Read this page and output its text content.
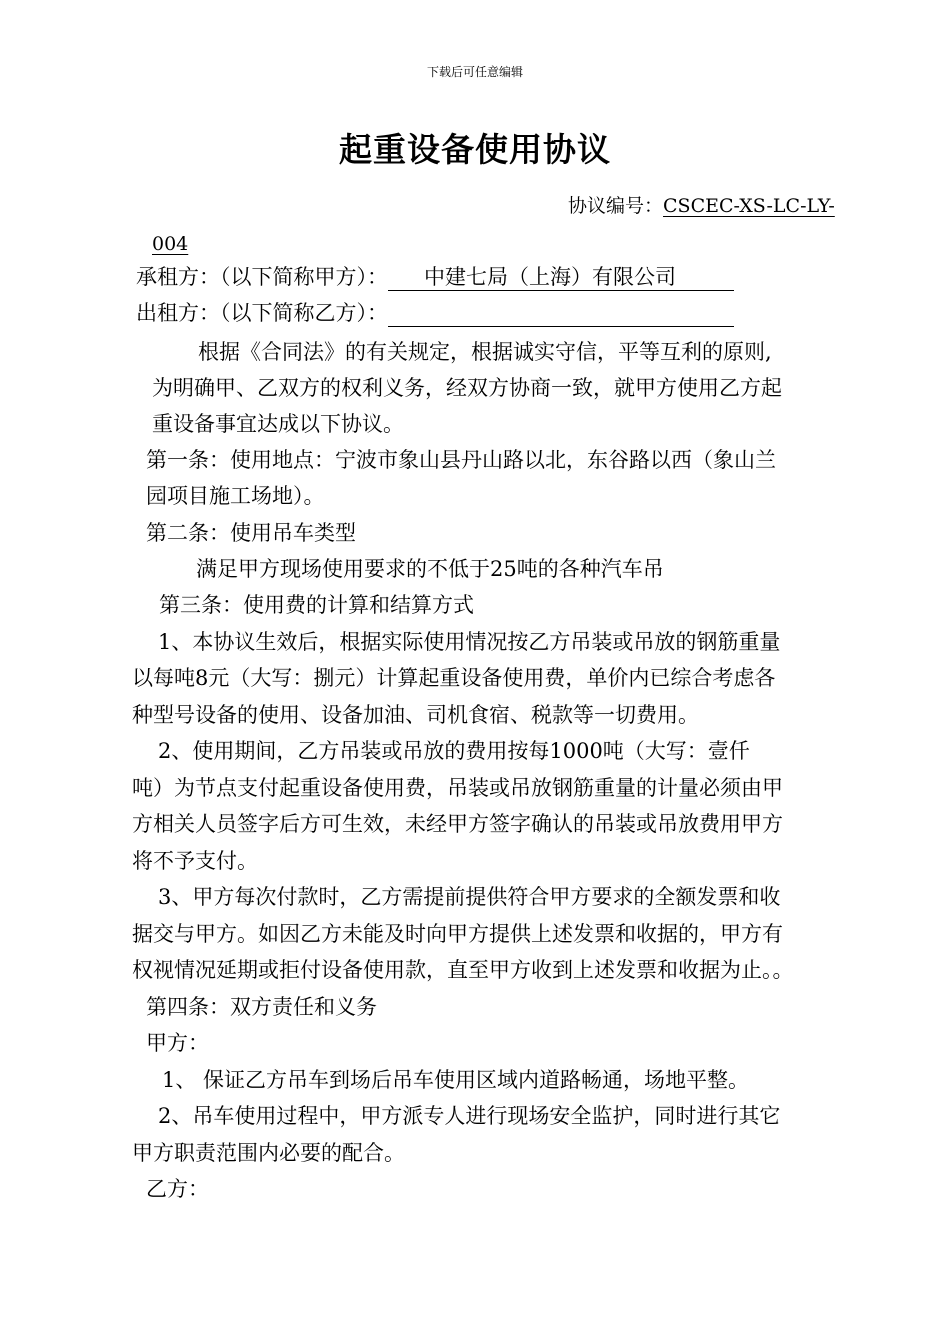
下载后可任意编辑
起重设备使用协议
协议编号：CSCEC-XS-LC-LY-
004
承租方：（以下简称甲方）： 中建七局（上海）有限公司
出租方：（以下简称乙方）：
根据《合同法》的有关规定，根据诚实守信，平等互利的原则,
为明确甲、乙双方的权利义务，经双方协商一致，就甲方使用乙方起
重设备事宜达成以下协议。
第一条：使用地点：宁波市象山县丹山路以北，东谷路以西（象山兰
园项目施工场地）。
第二条：使用吊车类型
满足甲方现场使用要求的不低于25吨的各种汽车吊
第三条：使用费的计算和结算方式
1、本协议生效后，根据实际使用情况按乙方吊装或吊放的钢筋重量
以每吨8元（大写：捌元）计算起重设备使用费，单价内已综合考虑各
种型号设备的使用、设备加油、司机食宿、税款等一切费用。
2、使用期间，乙方吊装或吊放的费用按每1000吨（大写：壹仟
吨）为节点支付起重设备使用费，吊装或吊放钢筋重量的计量必须由甲
方相关人员签字后方可生效，未经甲方签字确认的吊装或吊放费用甲方
将不予支付。
3、甲方每次付款时，乙方需提前提供符合甲方要求的全额发票和收
据交与甲方。如因乙方未能及时向甲方提供上述发票和收据的，甲方有
权视情况延期或拒付设备使用款，直至甲方收到上述发票和收据为止。。
第四条：双方责任和义务
甲方：
1、 保证乙方吊车到场后吊车使用区域内道路畅通，场地平整。
2、吊车使用过程中，甲方派专人进行现场安全监护，同时进行其它
甲方职责范围内必要的配合。
乙方：
